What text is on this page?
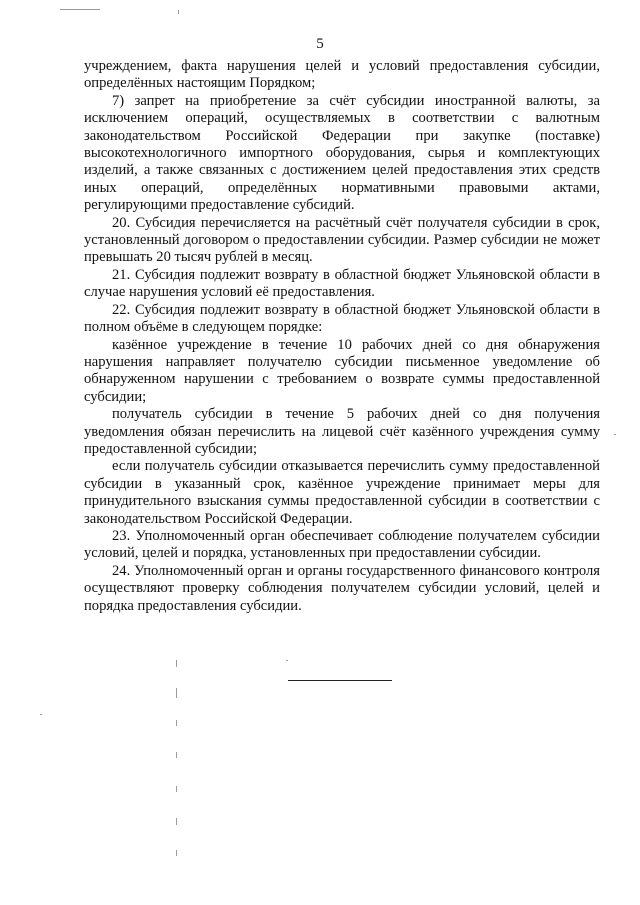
5

учреждением, факта нарушения целей и условий предоставления субсидии, определённых настоящим Порядком;

7) запрет на приобретение за счёт субсидии иностранной валюты, за исключением операций, осуществляемых в соответствии с валютным законодательством Российской Федерации при закупке (поставке) высокотехнологичного импортного оборудования, сырья и комплектующих изделий, а также связанных с достижением целей предоставления этих средств иных операций, определённых нормативными правовыми актами, регулирующими предоставление субсидий.

20. Субсидия перечисляется на расчётный счёт получателя субсидии в срок, установленный договором о предоставлении субсидии. Размер субсидии не может превышать 20 тысяч рублей в месяц.

21. Субсидия подлежит возврату в областной бюджет Ульяновской области в случае нарушения условий её предоставления.

22. Субсидия подлежит возврату в областной бюджет Ульяновской области в полном объёме в следующем порядке:

казённое учреждение в течение 10 рабочих дней со дня обнаружения нарушения направляет получателю субсидии письменное уведомление об обнаруженном нарушении с требованием о возврате суммы предоставленной субсидии;

получатель субсидии в течение 5 рабочих дней со дня получения уведомления обязан перечислить на лицевой счёт казённого учреждения сумму предоставленной субсидии;

если получатель субсидии отказывается перечислить сумму предоставленной субсидии в указанный срок, казённое учреждение принимает меры для принудительного взыскания суммы предоставленной субсидии в соответствии с законодательством Российской Федерации.

23. Уполномоченный орган обеспечивает соблюдение получателем субсидии условий, целей и порядка, установленных при предоставлении субсидии.

24. Уполномоченный орган и органы государственного финансового контроля осуществляют проверку соблюдения получателем субсидии условий, целей и порядка предоставления субсидии.
